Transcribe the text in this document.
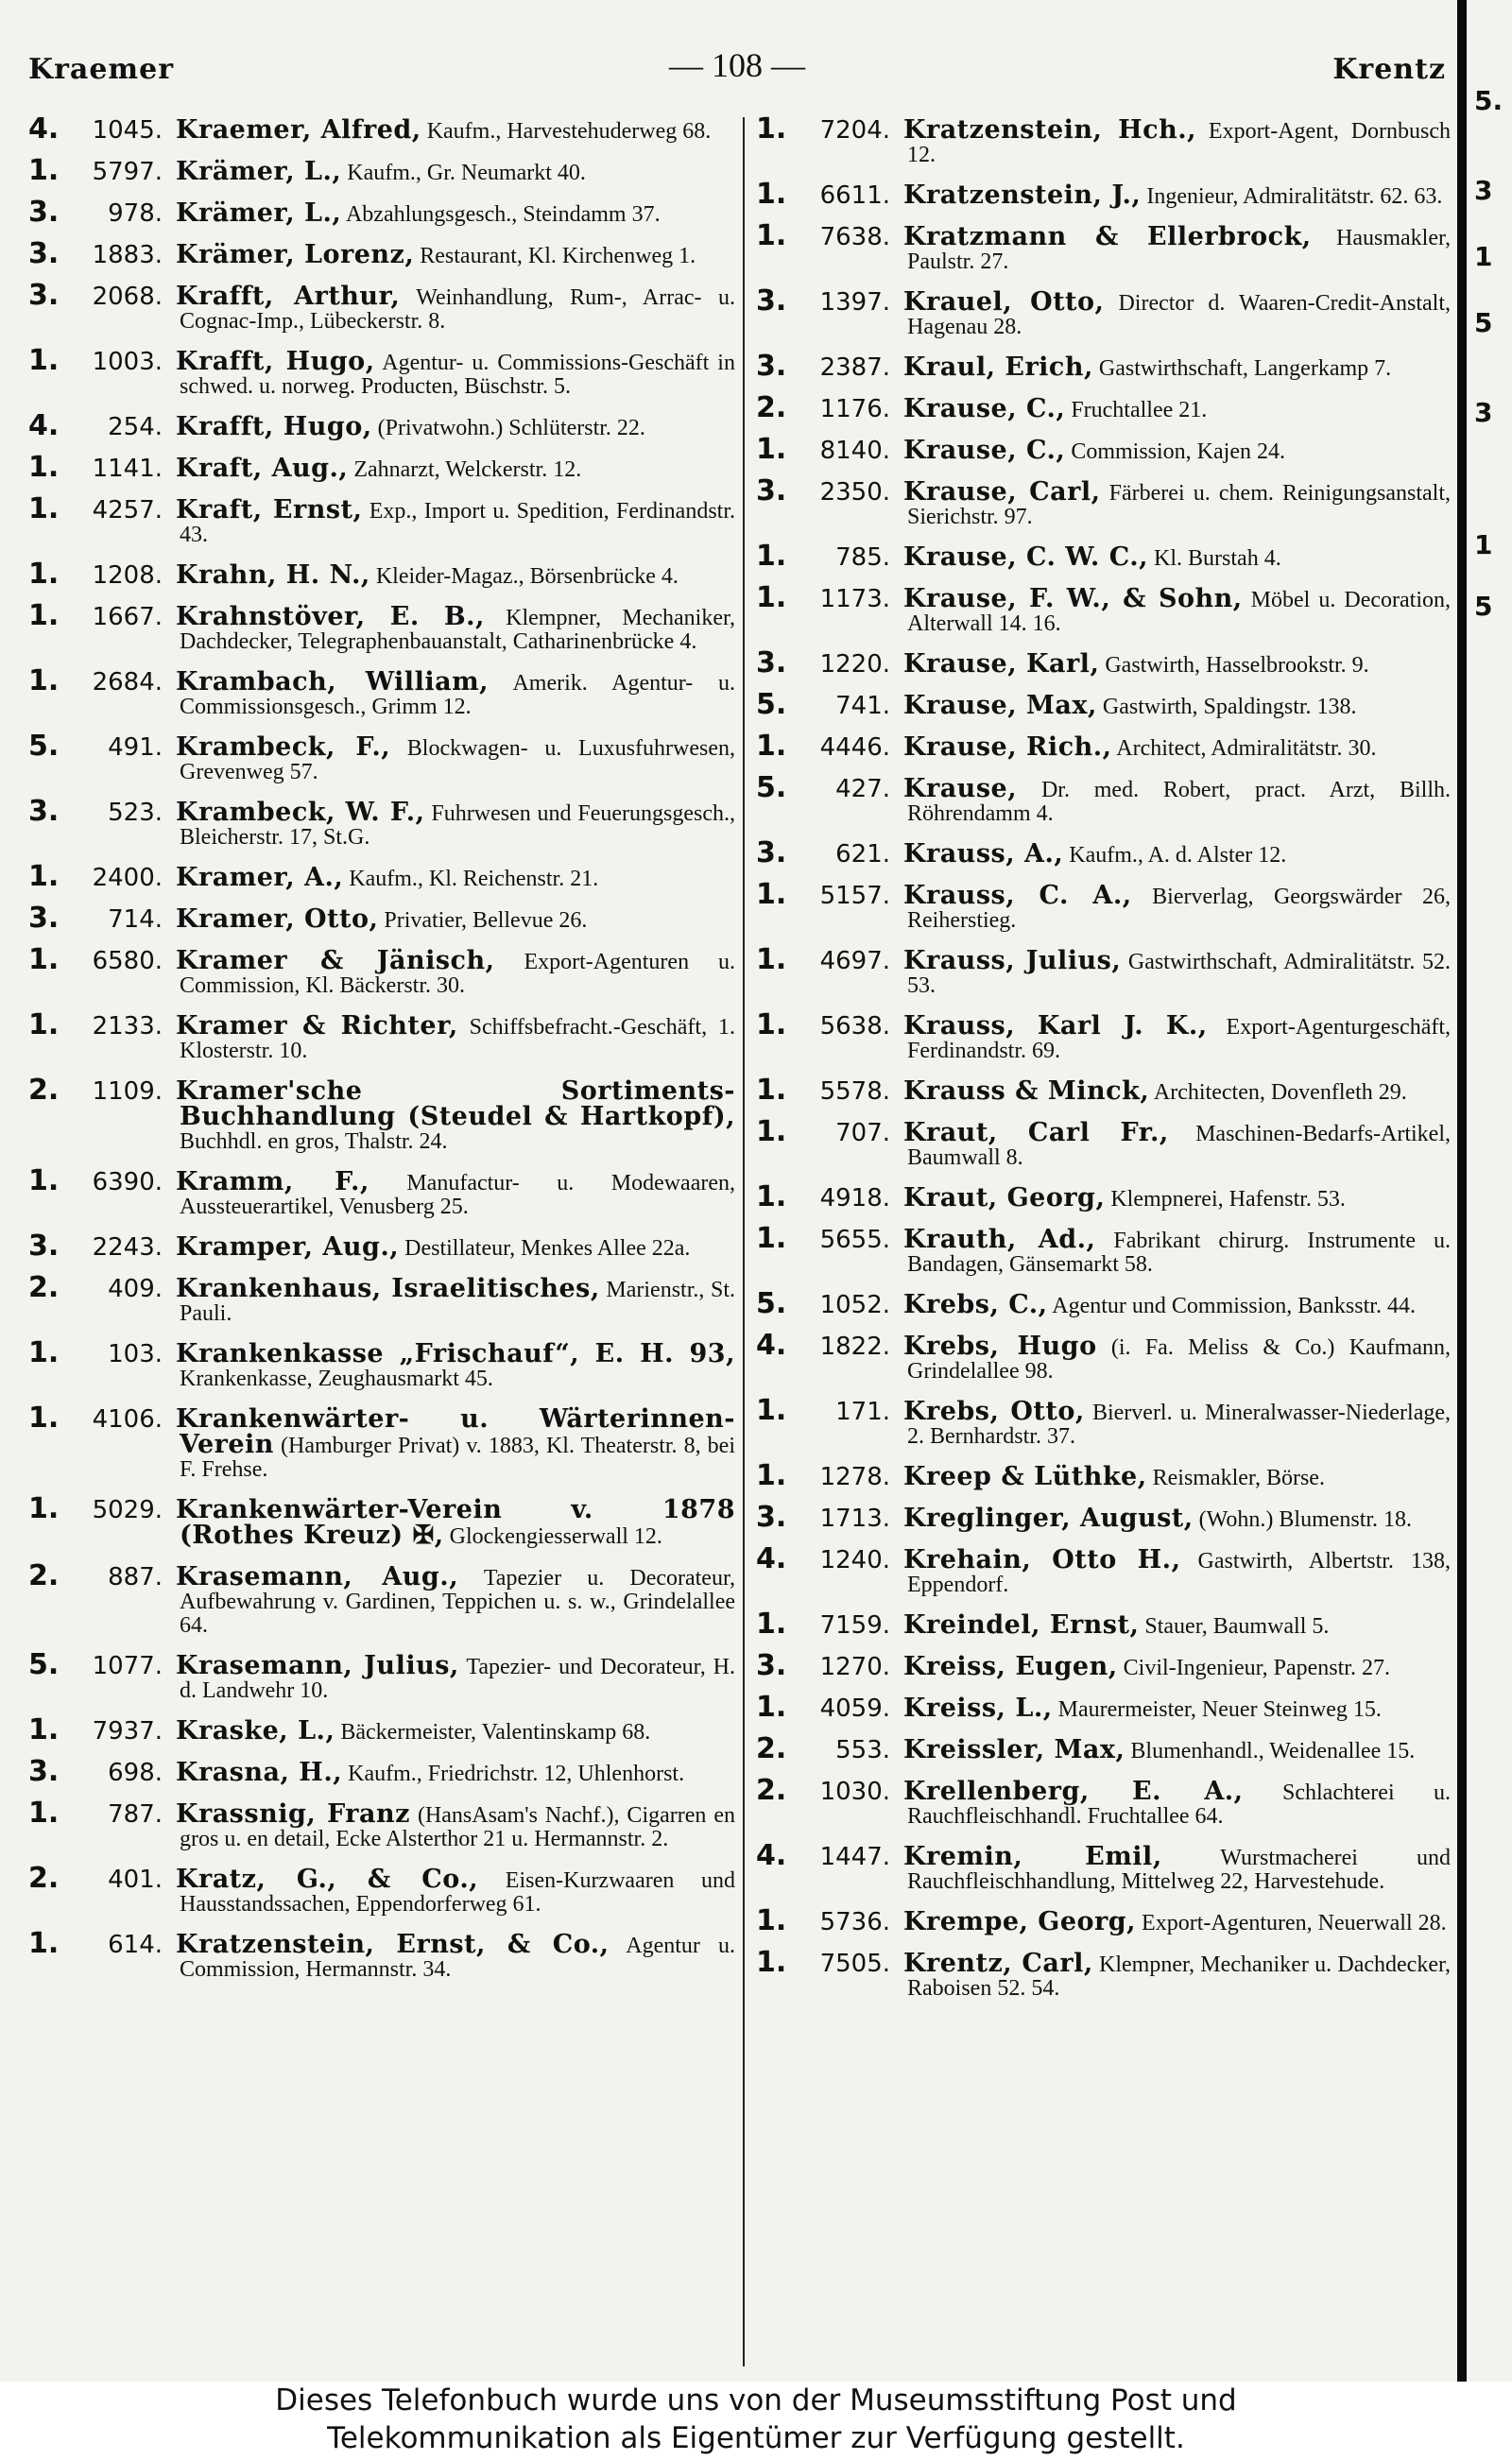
Kraemer	— 108 —	Krentz
4. 1045. Kraemer, Alfred, Kaufm., Harvestehuderweg 68.
1. 5797. Krämer, L., Kaufm., Gr. Neumarkt 40.
3. 978. Krämer, L., Abzahlungsgesch., Steindamm 37.
3. 1883. Krämer, Lorenz, Restaurant, Kl. Kirchenweg 1.
3. 2068. Krafft, Arthur, Weinhandlung, Rum-, Arrac- u. Cognac-Imp., Lübeckerstr. 8.
1. 1003. Krafft, Hugo, Agentur- u. Commissions-Geschäft in schwed. u. norweg. Producten, Büschstr. 5.
4. 254. Krafft, Hugo, (Privatwohn.) Schlüterstr. 22.
1. 1141. Kraft, Aug., Zahnarzt, Welckerstr. 12.
1. 4257. Kraft, Ernst, Exp., Import u. Spedition, Ferdinandstr. 43.
1. 1208. Krahn, H. N., Kleider-Magaz., Börsenbrücke 4.
1. 1667. Krahnstöver, E. B., Klempner, Mechaniker, Dachdecker, Telegraphenbauanstalt, Catharinenbrücke 4.
1. 2684. Krambach, William, Amerik. Agentur- u. Commissionsgesch., Grimm 12.
5. 491. Krambeck, F., Blockwagen- u. Luxusfuhrwesen, Grevenweg 57.
3. 523. Krambeck, W. F., Fuhrwesen und Feuerungsgesch., Bleicherstr. 17, St.G.
1. 2400. Kramer, A., Kaufm., Kl. Reichenstr. 21.
3. 714. Kramer, Otto, Privatier, Bellevue 26.
1. 6580. Kramer & Jänisch, Export-Agenturen u. Commission, Kl. Bäckerstr. 30.
1. 2133. Kramer & Richter, Schiffsbefracht.-Geschäft, 1. Klosterstr. 10.
2. 1109. Kramer'sche Sortiments-Buchhandlung (Steudel & Hartkopf), Buchhdl. en gros, Thalstr. 24.
1. 6390. Kramm, F., Manufactur- u. Modewaaren, Aussteuerartikel, Venusberg 25.
3. 2243. Kramper, Aug., Destillateur, Menkes Allee 22a.
2. 409. Krankenhaus, Israelitisches, Marienstr., St. Pauli.
1. 103. Krankenkasse „Frischauf“, E. H. 93, Krankenkasse, Zeughausmarkt 45.
1. 4106. Krankenwärter- u. Wärterinnen-Verein (Hamburger Privat) v. 1883, Kl. Theaterstr. 8, bei F. Frehse.
1. 5029. Krankenwärter-Verein v. 1878 (Rothes Kreuz) ✠, Glockengiesserwall 12.
2. 887. Krasemann, Aug., Tapezier u. Decorateur, Aufbewahrung v. Gardinen, Teppichen u. s. w., Grindelallee 64.
5. 1077. Krasemann, Julius, Tapezier- und Decorateur, H. d. Landwehr 10.
1. 7937. Kraske, L., Bäckermeister, Valentinskamp 68.
3. 698. Krasna, H., Kaufm., Friedrichstr. 12, Uhlenhorst.
1. 787. Krassnig, Franz (HansAsam's Nachf.), Cigarren en gros u. en detail, Ecke Alsterthor 21 u. Hermannstr. 2.
2. 401. Kratz, G., & Co., Eisen-Kurzwaaren und Hausstandssachen, Eppendorferweg 61.
1. 614. Kratzenstein, Ernst, & Co., Agentur u. Commission, Hermannstr. 34.
1. 7204. Kratzenstein, Hch., Export-Agent, Dornbusch 12.
1. 6611. Kratzenstein, J., Ingenieur, Admiralitätstr. 62. 63.
1. 7638. Kratzmann & Ellerbrock, Hausmakler, Paulstr. 27.
3. 1397. Krauel, Otto, Director d. Waaren-Credit-Anstalt, Hagenau 28.
3. 2387. Kraul, Erich, Gastwirthschaft, Langerkamp 7.
2. 1176. Krause, C., Fruchtallee 21.
1. 8140. Krause, C., Commission, Kajen 24.
3. 2350. Krause, Carl, Färberei u. chem. Reinigungsanstalt, Sierichstr. 97.
1. 785. Krause, C. W. C., Kl. Burstah 4.
1. 1173. Krause, F. W., & Sohn, Möbel u. Decoration, Alterwall 14. 16.
3. 1220. Krause, Karl, Gastwirth, Hasselbrookstr. 9.
5. 741. Krause, Max, Gastwirth, Spaldingstr. 138.
1. 4446. Krause, Rich., Architect, Admiralitätstr. 30.
5. 427. Krause, Dr. med. Robert, pract. Arzt, Billh. Röhrendamm 4.
3. 621. Krauss, A., Kaufm., A. d. Alster 12.
1. 5157. Krauss, C. A., Bierverlag, Georgswärder 26, Reiherstieg.
1. 4697. Krauss, Julius, Gastwirthschaft, Admiralitätstr. 52. 53.
1. 5638. Krauss, Karl J. K., Export-Agenturgeschäft, Ferdinandstr. 69.
1. 5578. Krauss & Minck, Architecten, Dovenfleth 29.
1. 707. Kraut, Carl Fr., Maschinen-Bedarfs-Artikel, Baumwall 8.
1. 4918. Kraut, Georg, Klempnerei, Hafenstr. 53.
1. 5655. Krauth, Ad., Fabrikant chirurg. Instrumente u. Bandagen, Gänsemarkt 58.
5. 1052. Krebs, C., Agentur und Commission, Banksstr. 44.
4. 1822. Krebs, Hugo (i. Fa. Meliss & Co.) Kaufmann, Grindelallee 98.
1. 171. Krebs, Otto, Bierverl. u. Mineralwasser-Niederlage, 2. Bernhardstr. 37.
1. 1278. Kreep & Lüthke, Reismakler, Börse.
3. 1713. Kreglinger, August, (Wohn.) Blumenstr. 18.
4. 1240. Krehain, Otto H., Gastwirth, Albertstr. 138, Eppendorf.
1. 7159. Kreindel, Ernst, Stauer, Baumwall 5.
3. 1270. Kreiss, Eugen, Civil-Ingenieur, Papenstr. 27.
1. 4059. Kreiss, L., Maurermeister, Neuer Steinweg 15.
2. 553. Kreissler, Max, Blumenhandl., Weidenallee 15.
2. 1030. Krellenberg, E. A., Schlachterei u. Rauchfleischhandl. Fruchtallee 64.
4. 1447. Kremin, Emil,	Wurstmacherei und Rauchfleischhandlung, Mittelweg 22, Harvestehude.
1. 5736. Krempe, Georg, Export-Agenturen, Neuerwall 28.
1. 7505. Krentz, Carl, Klempner, Mechaniker u. Dachdecker, Raboisen 52. 54.
5.
3
1
5
3
1
5
Dieses Telefonbuch wurde uns von der Museumsstiftung Post und
Telekommunikation als Eigentümer zur Verfügung gestellt.
